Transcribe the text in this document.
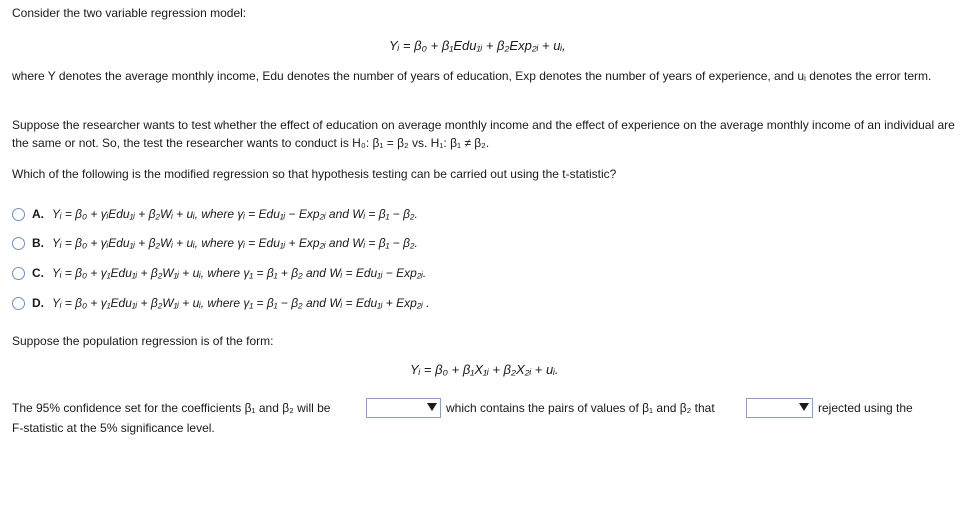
Consider the two variable regression model:
Yᵢ = β₀ + β₁Edu₁ᵢ + β₂Exp₂ᵢ + uᵢ,
where Y denotes the average monthly income, Edu denotes the number of years of education, Exp denotes the number of years of experience, and uᵢ denotes the error term.
Suppose the researcher wants to test whether the effect of education on average monthly income and the effect of experience on the average monthly income of an individual are the same or not. So, the test the researcher wants to conduct is H₀: β₁ = β₂ vs. H₁: β₁ ≠ β₂.
Which of the following is the modified regression so that hypothesis testing can be carried out using the t-statistic?
A. Yᵢ = β₀ + γᵢEdu₁ᵢ + β₂Wᵢ + uᵢ, where γᵢ = Edu₁ᵢ − Exp₂ᵢ and Wᵢ = β₁ − β₂.
B. Yᵢ = β₀ + γᵢEdu₁ᵢ + β₂Wᵢ + uᵢ, where γᵢ = Edu₁ᵢ + Exp₂ᵢ and Wᵢ = β₁ − β₂.
C. Yᵢ = β₀ + γ₁Edu₁ᵢ + β₂W₁ᵢ + uᵢ, where γ₁ = β₁ + β₂ and Wᵢ = Edu₁ᵢ − Exp₂ᵢ.
D. Yᵢ = β₀ + γ₁Edu₁ᵢ + β₂W₁ᵢ + uᵢ, where γ₁ = β₁ − β₂ and Wᵢ = Edu₁ᵢ + Exp₂ᵢ .
Suppose the population regression is of the form:
Yᵢ = β₀ + β₁X₁ᵢ + β₂X₂ᵢ + uᵢ.
The 95% confidence set for the coefficients β₁ and β₂ will be	which contains the pairs of values of β₁ and β₂ that	rejected using the
F-statistic at the 5% significance level.
